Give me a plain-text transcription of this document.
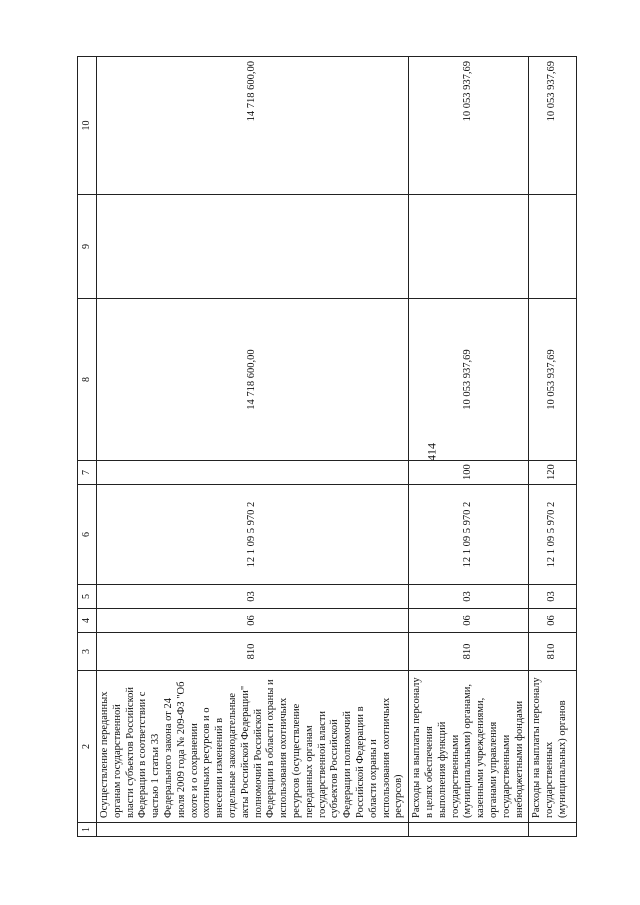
414
1	2	3	4	5	6	7	8	9	10
	Осуществление переданных органам государственной власти субъектов Российской Федерации в соответствии с частью 1 статьи 33 Федерального закона от 24 июля 2009 года № 209-ФЗ "Об охоте и о сохранении охотничьих ресурсов и о внесении изменений в отдельные законодательные акты Российской Федерации" полномочий Российской Федерации в области охраны и использования охотничьих ресурсов (осуществление переданных органам государственной власти субъектов Российской Федерации полномочий Российской Федерации в области охраны и использования охотничьих ресурсов)	810	06	03	12 1 09 5 970 2		14 718 600,00		14 718 600,00
	Расходы на выплаты персоналу в целях обеспечения выполнения функций государственными (муниципальными) органами, казенными учреждениями, органами управления государственными внебюджетными фондами	810	06	03	12 1 09 5 970 2	100	10 053 937,69		10 053 937,69
	Расходы на выплаты персоналу государственных (муниципальных) органов	810	06	03	12 1 09 5 970 2	120	10 053 937,69		10 053 937,69
